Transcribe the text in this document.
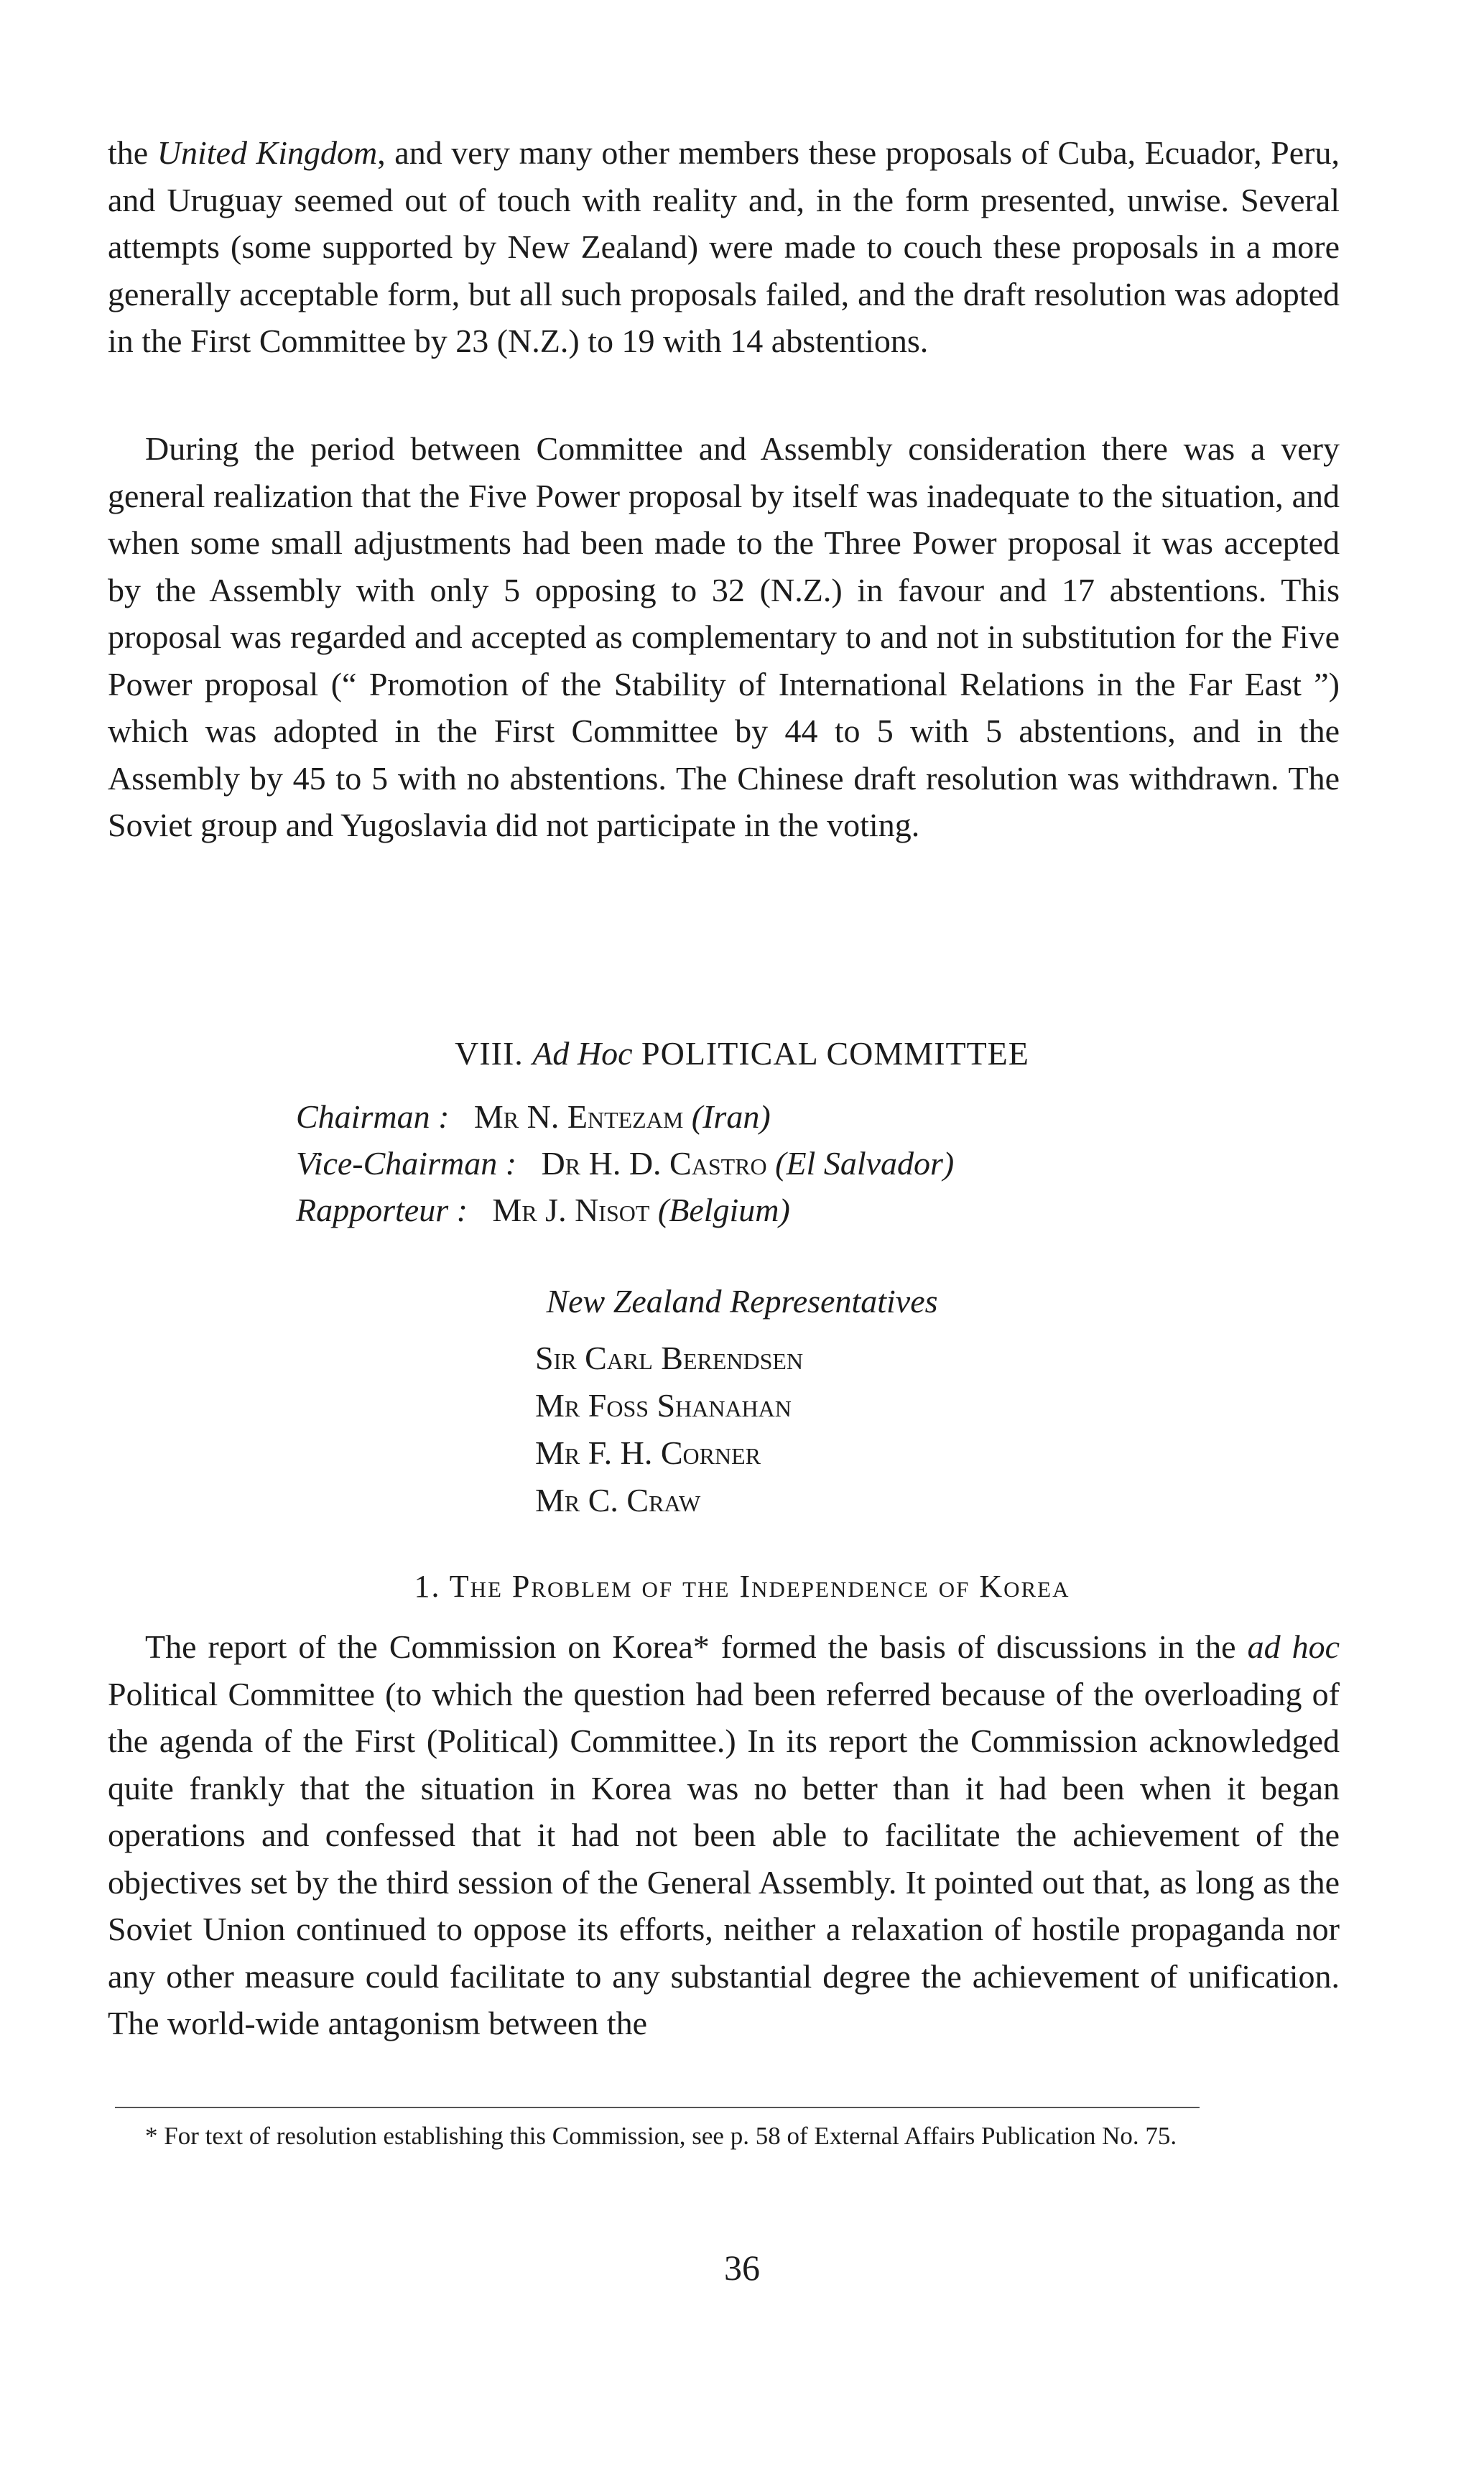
the United Kingdom, and very many other members these proposals of Cuba, Ecuador, Peru, and Uruguay seemed out of touch with reality and, in the form presented, unwise. Several attempts (some supported by New Zealand) were made to couch these proposals in a more generally acceptable form, but all such proposals failed, and the draft resolution was adopted in the First Committee by 23 (N.Z.) to 19 with 14 abstentions.

During the period between Committee and Assembly consideration there was a very general realization that the Five Power proposal by itself was inadequate to the situation, and when some small adjustments had been made to the Three Power proposal it was accepted by the Assembly with only 5 opposing to 32 (N.Z.) in favour and 17 abstentions. This proposal was regarded and accepted as complementary to and not in substitution for the Five Power proposal (“ Promotion of the Stability of International Relations in the Far East ”) which was adopted in the First Committee by 44 to 5 with 5 abstentions, and in the Assembly by 45 to 5 with no abstentions. The Chinese draft resolution was withdrawn. The Soviet group and Yugoslavia did not participate in the voting.

VIII. Ad Hoc POLITICAL COMMITTEE
Chairman : Mr N. Entezam (Iran)
Vice-Chairman : Dr H. D. Castro (El Salvador)
Rapporteur : Mr J. Nisot (Belgium)
New Zealand Representatives
Sir Carl Berendsen
Mr Foss Shanahan
Mr F. H. Corner
Mr C. Craw
1. The Problem of the Independence of Korea

The report of the Commission on Korea* formed the basis of discussions in the ad hoc Political Committee (to which the question had been referred because of the overloading of the agenda of the First (Political) Committee.) In its report the Commission acknowledged quite frankly that the situation in Korea was no better than it had been when it began operations and confessed that it had not been able to facilitate the achievement of the objectives set by the third session of the General Assembly. It pointed out that, as long as the Soviet Union continued to oppose its efforts, neither a relaxation of hostile propaganda nor any other measure could facilitate to any substantial degree the achievement of unification. The world-wide antagonism between the

* For text of resolution establishing this Commission, see p. 58 of External Affairs Publication No. 75.

36
